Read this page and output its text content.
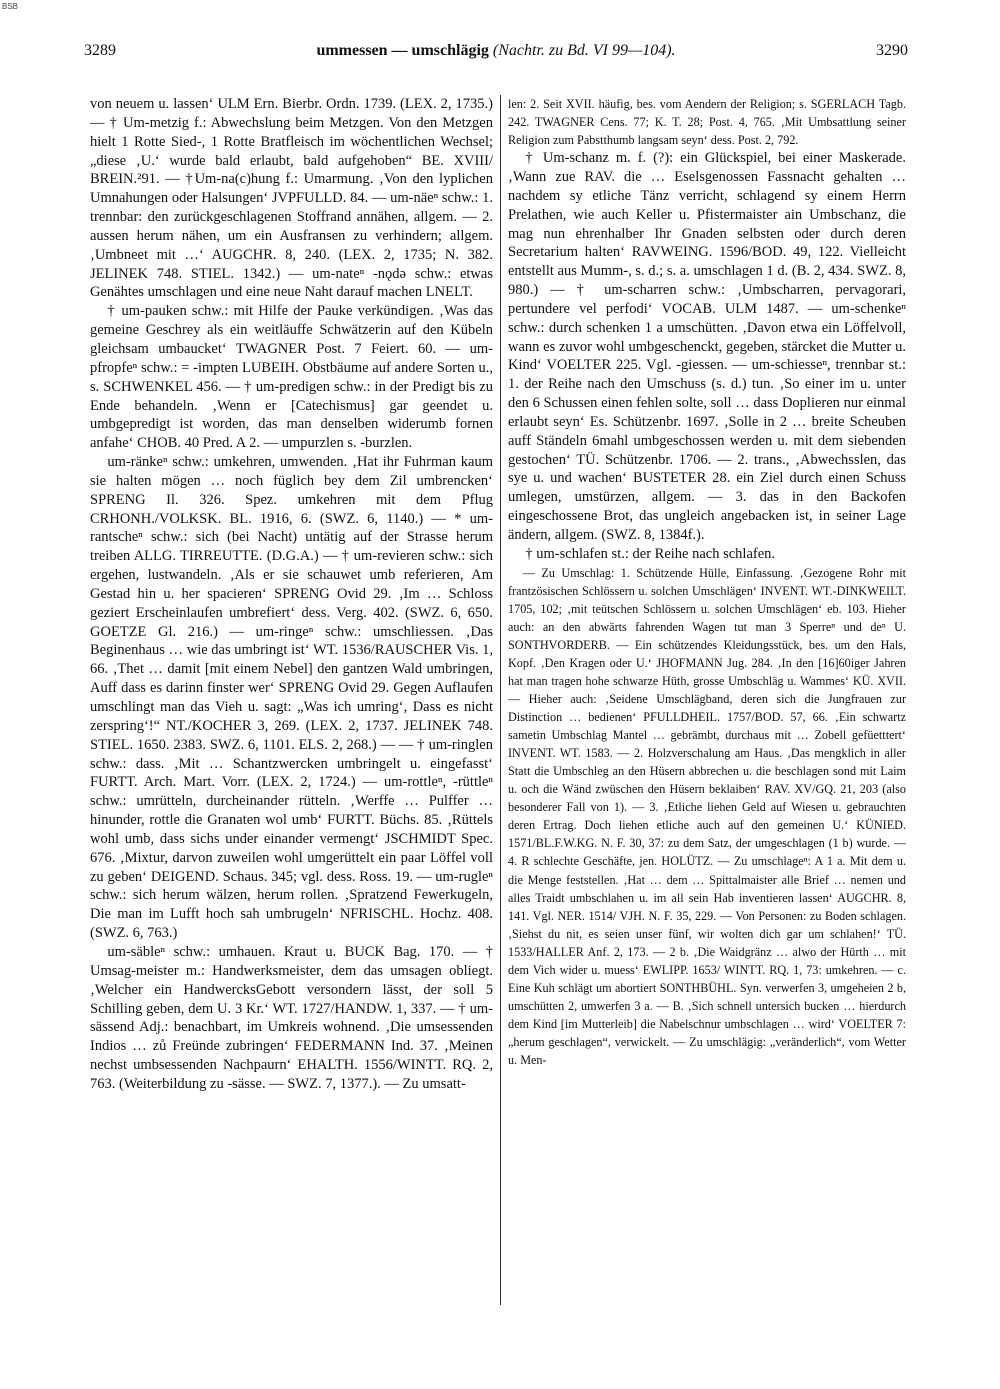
BSB
3289	ummessen — umschlägig (Nachtr. zu Bd. VI 99—104).	3290

von neuem u. lassen‘ ULM Ern. Bierbr. Ordn. 1739. (LEX. 2, 1735.) — † Um-metzig f.: Abwechslung beim Metzgen. Von den Metzgen hielt 1 Rotte Sied-, 1 Rotte Bratfleisch im wöchentlichen Wechsel; „diese ‚U.‘ wurde bald erlaubt, bald aufgehoben“ BE. XVIII/ BREIN.²91. — †Um-na(c)hung f.: Umarmung. ‚Von den lyplichen Umnahungen oder Halsungen‘ JVPFULLD. 84. — um-näeⁿ schw.: 1. trennbar: den zurückgeschlagenen Stoffrand annähen, allgem. — 2. aussen herum nähen, um ein Ausfransen zu verhindern; allgem. ‚Umbneet mit …‘ AUGCHR. 8, 240. (LEX. 2, 1735; N. 382. JELINEK 748. STIEL. 1342.) — um-nateⁿ -nǫdə schw.: etwas Genähtes umschlagen und eine neue Naht darauf machen LNELT.

† um-pauken schw.: mit Hilfe der Pauke verkündigen. ‚Was das gemeine Geschrey als ein weitläuffe Schwätzerin auf den Kübeln gleichsam umbaucket‘ TWAGNER Post. 7 Feiert. 60. — um-pfropfeⁿ schw.: = -impten LUBEIH. Obstbäume auf andere Sorten u., s. SCHWENKEL 456. — † um-predigen schw.: in der Predigt bis zu Ende behandeln. ‚Wenn er [Catechismus] gar geendet u. umbgepredigt ist worden, das man denselben widerumb fornen anfahe‘ CHOB. 40 Pred. A 2. — umpurzlen s. -burzlen.

um-ränkeⁿ schw.: umkehren, umwenden. ‚Hat ihr Fuhrman kaum sie halten mögen … noch füglich bey dem Zil umbrencken‘ SPRENG Il. 326. Spez. umkehren mit dem Pflug CRHONH./VOLKSK. BL. 1916, 6. (SWZ. 6, 1140.) — * um-rantscheⁿ schw.: sich (bei Nacht) untätig auf der Strasse herum treiben ALLG. TIRREUTTE. (D.G.A.) — † um-revieren schw.: sich ergehen, lustwandeln. ‚Als er sie schauwet umb referieren, Am Gestad hin u. her spacieren‘ SPRENG Ovid 29. ‚Im … Schloss geziert Erscheinlaufen umbrefiert‘ dess. Verg. 402. (SWZ. 6, 650. GOETZE Gl. 216.) — um-ringeⁿ schw.: umschliessen. ‚Das Beginenhaus … wie das umbringt ist‘ WT. 1536/RAUSCHER Vis. 1, 66. ‚Thet … damit [mit einem Nebel] den gantzen Wald umbringen, Auff dass es darinn finster wer‘ SPRENG Ovid 29. Gegen Auflaufen umschlingt man das Vieh u. sagt: „Was ich umring‘, Dass es nicht zerspring‘!“ NT./KOCHER 3, 269. (LEX. 2, 1737. JELINEK 748. STIEL. 1650. 2383. SWZ. 6, 1101. ELS. 2, 268.) — — † um-ringlen schw.: dass. ‚Mit … Schantzwercken umbringelt u. eingefasst‘ FURTT. Arch. Mart. Vorr. (LEX. 2, 1724.) — um-rottleⁿ, -rüttleⁿ schw.: umrütteln, durcheinander rütteln. ‚Werffe … Pulffer … hinunder, rottle die Granaten wol umb‘ FURTT. Büchs. 85. ‚Rüttels wohl umb, dass sichs under einander vermengt‘ JSCHMIDT Spec. 676. ‚Mixtur, darvon zuweilen wohl umgerüttelt ein paar Löffel voll zu geben‘ DEIGEND. Schaus. 345; vgl. dess. Ross. 19. — um-rugleⁿ schw.: sich herum wälzen, herum rollen. ‚Spratzend Fewerkugeln, Die man im Lufft hoch sah umbrugeln‘ NFRISCHL. Hochz. 408. (SWZ. 6, 763.)

um-säbleⁿ schw.: umhauen. Kraut u. BUCK Bag. 170. — † Umsag-meister m.: Handwerksmeister, dem das umsagen obliegt. ‚Welcher ein HandwercksGebott versondern lässt, der soll 5 Schilling geben, dem U. 3 Kr.‘ WT. 1727/HANDW. 1, 337. — † um-sässend Adj.: benachbart, im Umkreis wohnend. ‚Die umsessenden Indios … zů Freünde zubringen‘ FEDERMANN Ind. 37. ‚Meinen nechst umbsessenden Nachpaurn‘ EHALTH. 1556/WINTT. RQ. 2, 763. (Weiterbildung zu -sässe. — SWZ. 7, 1377.). — Zu umsatt-

len: 2. Seit XVII. häufig, bes. vom Aendern der Religion; s. SGERLACH Tagb. 242. TWAGNER Cens. 77; K. T. 28; Post. 4, 765. ‚Mit Umbsattlung seiner Religion zum Pabstthumb langsam seyn‘ dess. Post. 2, 792.

† Um-schanz m. f. (?): ein Glückspiel, bei einer Maskerade. ‚Wann zue RAV. die … Eselsgenossen Fassnacht gehalten … nachdem sy etliche Tänz verricht, schlagend sy einem Herrn Prelathen, wie auch Keller u. Pfistermaister ain Umbschanz, die mag nun ehrenhalber Ihr Gnaden selbsten oder durch deren Secretarium halten‘ RAVWEING. 1596/BOD. 49, 122. Vielleicht entstellt aus Mumm-, s. d.; s. a. umschlagen 1 d. (B. 2, 434. SWZ. 8, 980.) — † um-scharren schw.: ‚Umbscharren, pervagorari, pertundere vel perfodi‘ VOCAB. ULM 1487. — um-schenkeⁿ schw.: durch schenken 1 a umschütten. ‚Davon etwa ein Löffelvoll, wann es zuvor wohl umbgeschenckt, gegeben, stärcket die Mutter u. Kind‘ VOELTER 225. Vgl. -giessen. — um-schiesseⁿ, trennbar st.: 1. der Reihe nach den Umschuss (s. d.) tun. ‚So einer im u. unter den 6 Schussen einen fehlen solte, soll … dass Doplieren nur einmal erlaubt seyn‘ Es. Schützenbr. 1697. ‚Solle in 2 … breite Scheuben auff Ständeln 6mahl umbgeschossen werden u. mit dem siebenden gestochen‘ TÜ. Schützenbr. 1706. — 2. trans., ‚Abwechsslen, das sye u. und wachen‘ BUSTETER 28. ein Ziel durch einen Schuss umlegen, umstürzen, allgem. — 3. das in den Backofen eingeschossene Brot, das ungleich angebacken ist, in seiner Lage ändern, allgem. (SWZ. 8, 1384f.).

† um-schlafen st.: der Reihe nach schlafen.

— Zu Umschlag: 1. Schützende Hülle, Einfassung. ‚Gezogene Rohr mit frantzösischen Schlössern u. solchen Umschlägen‘ INVENT. WT.-DINKWEILT. 1705, 102; ‚mit teütschen Schlössern u. solchen Umschlägen‘ eb. 103. Hieher auch: an den abwärts fahrenden Wagen tut man 3 Sperreⁿ und deⁿ U. SONTHVORDERB. — Ein schützendes Kleidungsstück, bes. um den Hals, Kopf. ‚Den Kragen oder U.‘ JHOFMANN Jug. 284. ‚In den [16]60iger Jahren hat man tragen hohe schwarze Hüth, grosse Umbschläg u. Wammes‘ KÜ. XVII. — Hieher auch: ‚Seidene Umschlägband, deren sich die Jungfrauen zur Distinction … bedienen‘ PFULLDHEIL. 1757/BOD. 57, 66. ‚Ein schwartz sametin Umbschlag Mantel … gebrämbt, durchaus mit … Zobell gefüetttert‘ INVENT. WT. 1583. — 2. Holzverschalung am Haus. ‚Das mengklich in aller Statt die Umbschleg an den Hüsern abbrechen u. die beschlagen sond mit Laim u. och die Wänd zwüschen den Hüsern beklaiben‘ RAV. XV/GQ. 21, 203 (also besonderer Fall von 1). — 3. ‚Etliche liehen Geld auf Wiesen u. gebrauchten deren Ertrag. Doch liehen etliche auch auf den gemeinen U.‘ KÜNIED. 1571/BL.F.W.KG. N. F. 30, 37: zu dem Satz, der umgeschlagen (1 b) wurde. — 4. R schlechte Geschäfte, jen. HOLÜTZ. — Zu umschlageⁿ: A 1 a. Mit dem u. die Menge feststellen. ‚Hat … dem … Spittalmaister alle Brief … nemen und alles Traidt umbschlahen u. im all sein Hab inventieren lassen‘ AUGCHR. 8, 141. Vgl. NER. 1514/ VJH. N. F. 35, 229. — Von Personen: zu Boden schlagen. ‚Siehst du nit, es seien unser fünf, wir wolten dich gar um schlahen!‘ TÜ. 1533/HALLER Anf. 2, 173. — 2 b. ‚Die Waidgränz … alwo der Hürth … mit dem Vich wider u. muess‘ EWLIPP. 1653/ WINTT. RQ. 1, 73: umkehren. — c. Eine Kuh schlägt um abortiert SONTHBÜHL. Syn. verwerfen 3, umgeheien 2 b, umschütten 2, umwerfen 3 a. — B. ‚Sich schnell untersich bucken … hierdurch dem Kind [im Mutterleib] die Nabelschnur umbschlagen … wird‘ VOELTER 7: „herum geschlagen“, verwickelt. — Zu umschlägig: „veränderlich“, vom Wetter u. Men-
